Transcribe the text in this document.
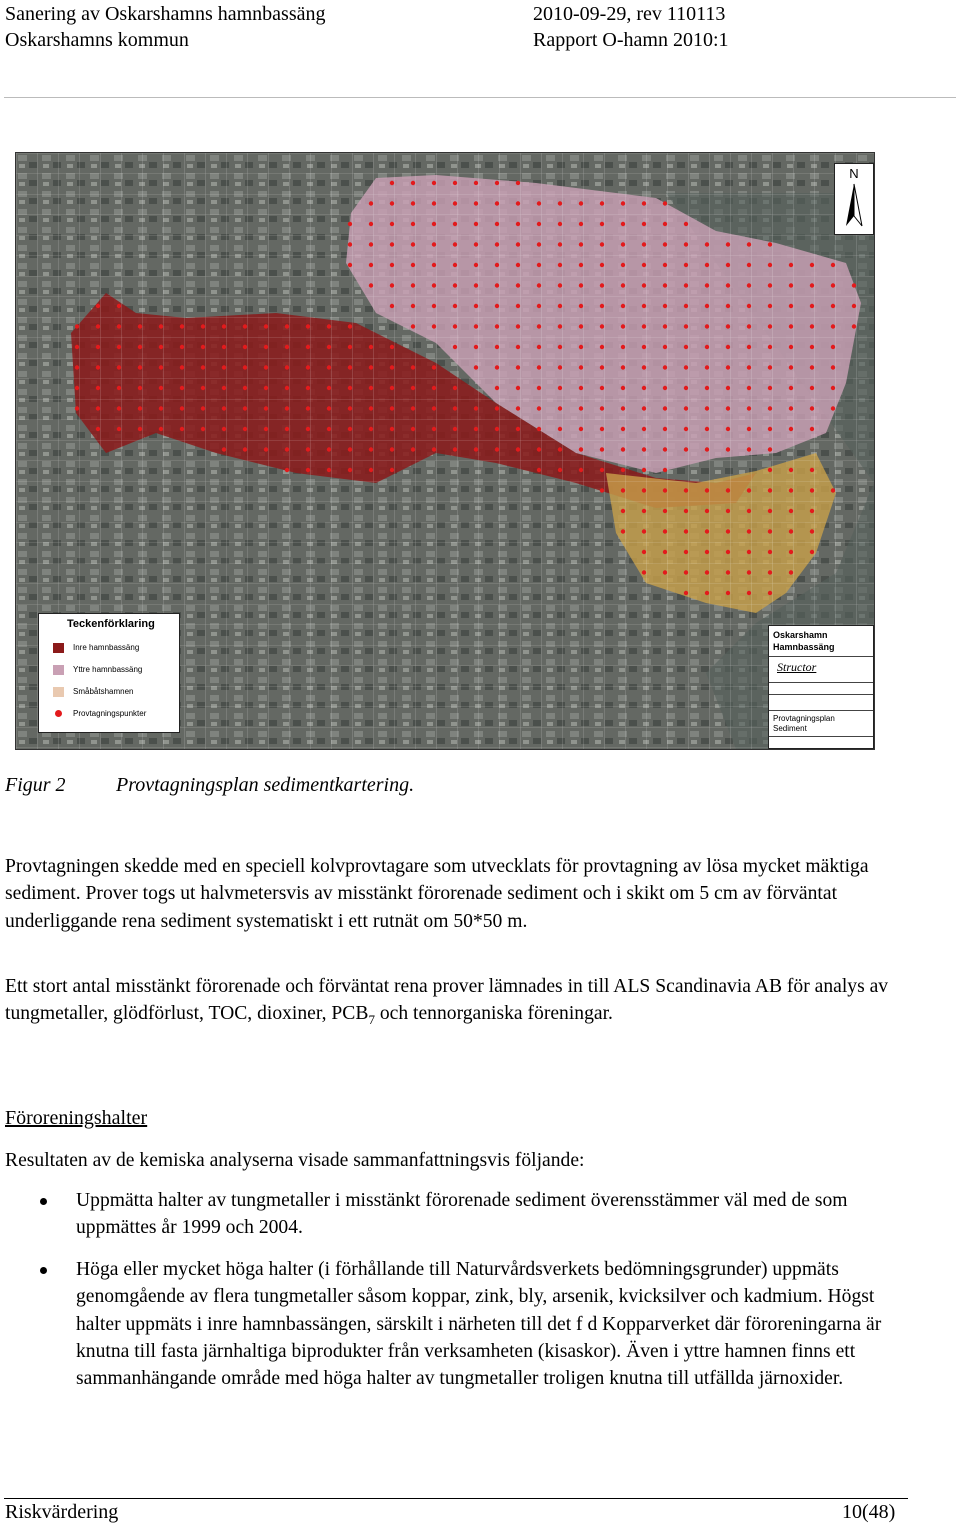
Sanering av Oskarshamns hamnbassäng
Oskarshamns kommun
2010-09-29, rev 110113
Rapport O-hamn 2010:1
N
Teckenförklaring
Inre hamnbassäng
Yttre hamnbassäng
Småbåtshamnen
Provtagningspunkter
Oskarshamn
Hamnbassäng
Structor
Provtagningsplan
Sediment
Figur 2	Provtagningsplan sedimentkartering.
Provtagningen skedde med en speciell kolvprovtagare som utvecklats för provtagning av lösa mycket mäktiga sediment. Prover togs ut halvmetersvis av misstänkt förorenade sediment och i skikt om 5 cm av förväntat underliggande rena sediment systematiskt i ett rutnät om 50*50 m.
Ett stort antal misstänkt förorenade och förväntat rena prover lämnades in till ALS Scandinavia AB för analys av tungmetaller, glödförlust, TOC, dioxiner, $PCB_7$ och tennorganiska föreningar.
Föroreningshalter
Resultaten av de kemiska analyserna visade sammanfattningsvis följande:
Uppmätta halter av tungmetaller i misstänkt förorenade sediment överensstämmer väl med de som uppmättes år 1999 och 2004.
Höga eller mycket höga halter (i förhållande till Naturvårdsverkets bedömningsgrunder) uppmäts genomgående av flera tungmetaller såsom koppar, zink, bly, arsenik, kvicksilver och kadmium. Högst halter uppmäts i inre hamnbassängen, särskilt i närheten till det f d Kopparverket där föroreningarna är knutna till fasta järnhaltiga biprodukter från verksamheten (kisaskor). Även i yttre hamnen finns ett sammanhängande område med höga halter av tungmetaller troligen knutna till utfällda järnoxider.
Riskvärdering	10(48)
